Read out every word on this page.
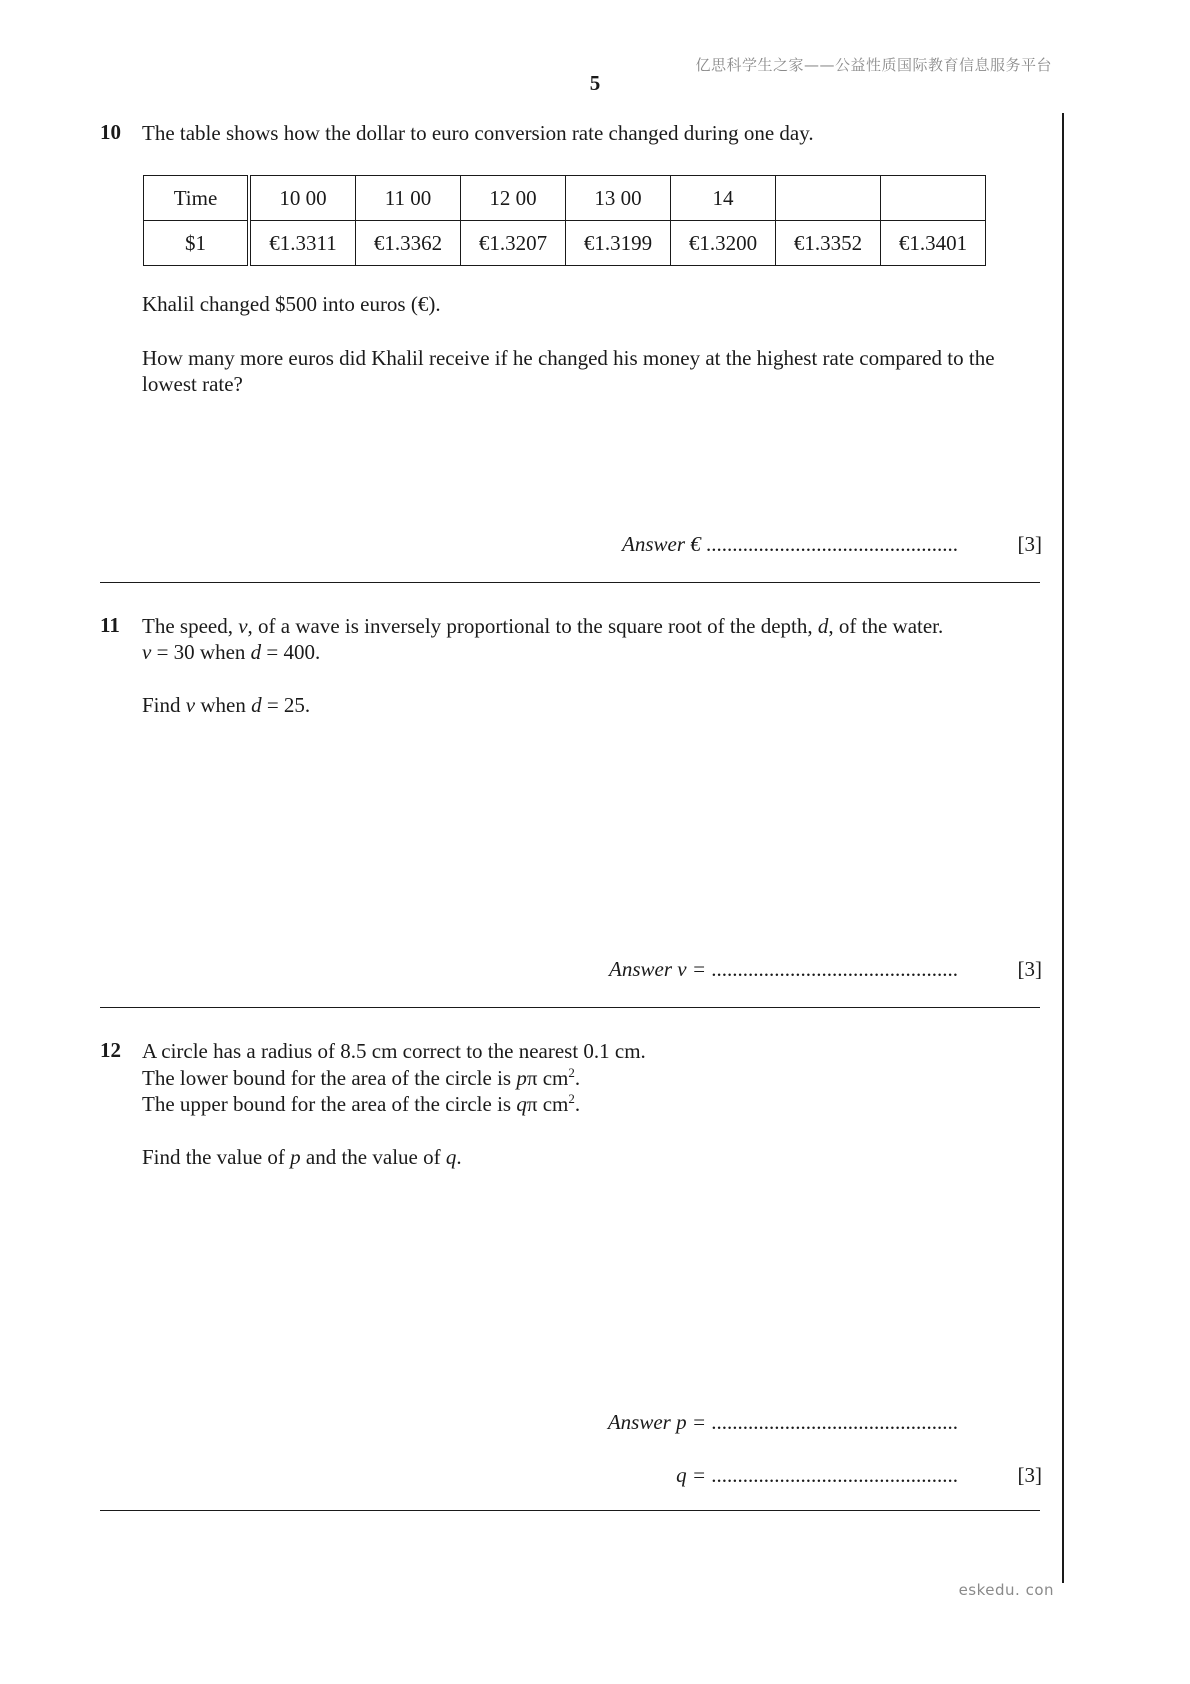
亿思科学生之家——公益性质国际教育信息服务平台
5
10 The table shows how the dollar to euro conversion rate changed during one day.
Time	10 00	11 00	12 00	13 00	14		
$1	€1.3311	€1.3362	€1.3207	€1.3199	€1.3200	€1.3352	€1.3401
Khalil changed $500 into euros (€).
How many more euros did Khalil receive if he changed his money at the highest rate compared to the
lowest rate?
Answer € ................................................	[3]
11 The speed, v, of a wave is inversely proportional to the square root of the depth, d, of the water.
v = 30 when d = 400.
Find v when d = 25.
Answer v = ...............................................	[3]
12 A circle has a radius of 8.5 cm correct to the nearest 0.1 cm.
The lower bound for the area of the circle is pπ $cm^2$.
The upper bound for the area of the circle is qπ $cm^2$.
Find the value of p and the value of q.
Answer p = ...............................................
q = ...............................................	[3]
eskedu. con
